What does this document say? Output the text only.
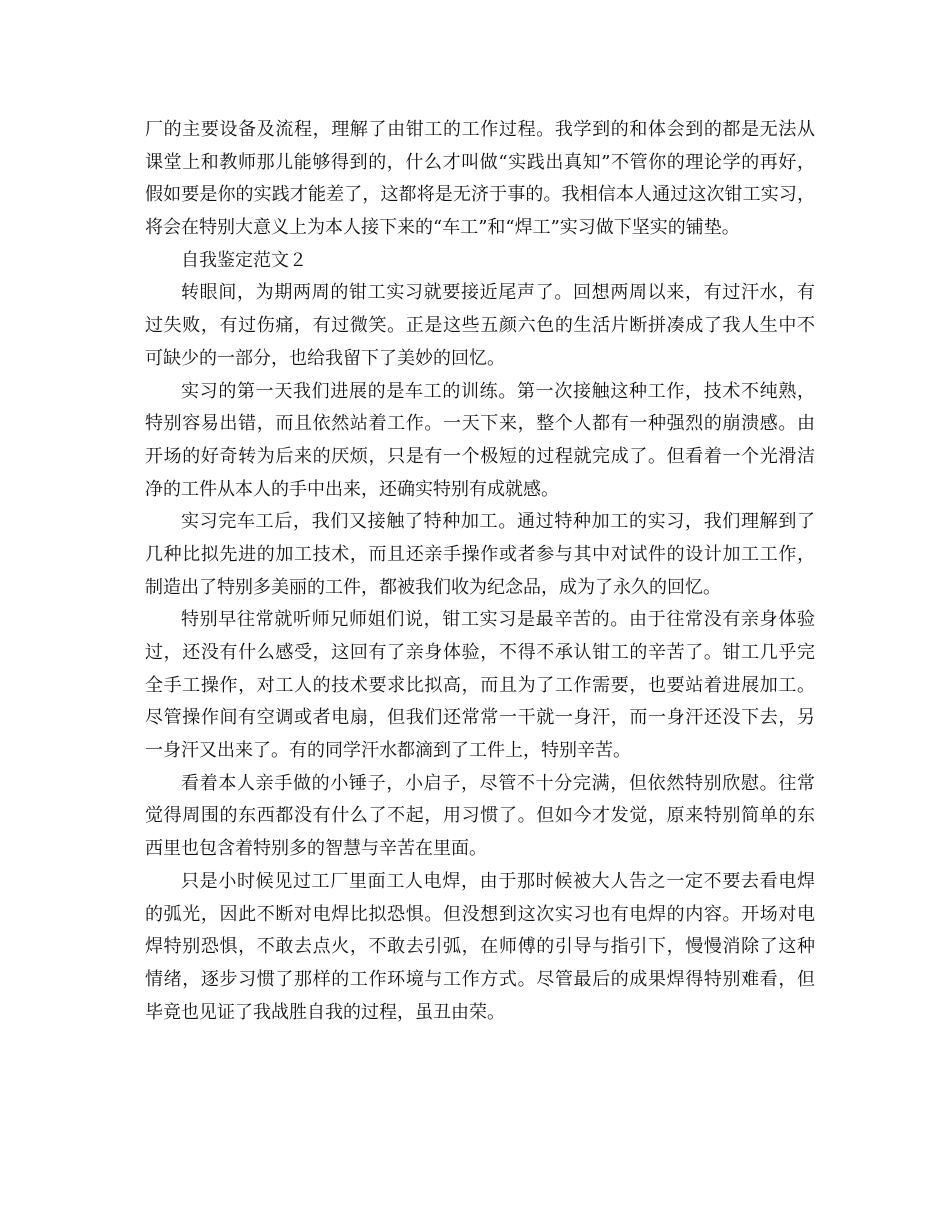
厂的主要设备及流程，理解了由钳工的工作过程。我学到的和体会到的都是无法从
课堂上和教师那儿能够得到的，什么才叫做“实践出真知”不管你的理论学的再好，
假如要是你的实践才能差了，这都将是无济于事的。我相信本人通过这次钳工实习，
将会在特别大意义上为本人接下来的“车工”和“焊工”实习做下坚实的铺垫。
自我鉴定范文２
转眼间，为期两周的钳工实习就要接近尾声了。回想两周以来，有过汗水，有
过失败，有过伤痛，有过微笑。正是这些五颜六色的生活片断拼凑成了我人生中不
可缺少的一部分，也给我留下了美妙的回忆。
实习的第一天我们进展的是车工的训练。第一次接触这种工作，技术不纯熟，
特别容易出错，而且依然站着工作。一天下来，整个人都有一种强烈的崩溃感。由
开场的好奇转为后来的厌烦，只是有一个极短的过程就完成了。但看着一个光滑洁
净的工件从本人的手中出来，还确实特别有成就感。
实习完车工后，我们又接触了特种加工。通过特种加工的实习，我们理解到了
几种比拟先进的加工技术，而且还亲手操作或者参与其中对试件的设计加工工作，
制造出了特别多美丽的工件，都被我们收为纪念品，成为了永久的回忆。
特别早往常就听师兄师姐们说，钳工实习是最辛苦的。由于往常没有亲身体验
过，还没有什么感受，这回有了亲身体验，不得不承认钳工的辛苦了。钳工几乎完
全手工操作，对工人的技术要求比拟高，而且为了工作需要，也要站着进展加工。
尽管操作间有空调或者电扇，但我们还常常一干就一身汗，而一身汗还没下去，另
一身汗又出来了。有的同学汗水都滴到了工件上，特别辛苦。
看着本人亲手做的小锤子，小启子，尽管不十分完满，但依然特别欣慰。往常
觉得周围的东西都没有什么了不起，用习惯了。但如今才发觉，原来特别简单的东
西里也包含着特别多的智慧与辛苦在里面。
只是小时候见过工厂里面工人电焊，由于那时候被大人告之一定不要去看电焊
的弧光，因此不断对电焊比拟恐惧。但没想到这次实习也有电焊的内容。开场对电
焊特别恐惧，不敢去点火，不敢去引弧，在师傅的引导与指引下，慢慢消除了这种
情绪，逐步习惯了那样的工作环境与工作方式。尽管最后的成果焊得特别难看，但
毕竟也见证了我战胜自我的过程，虽丑由荣。
